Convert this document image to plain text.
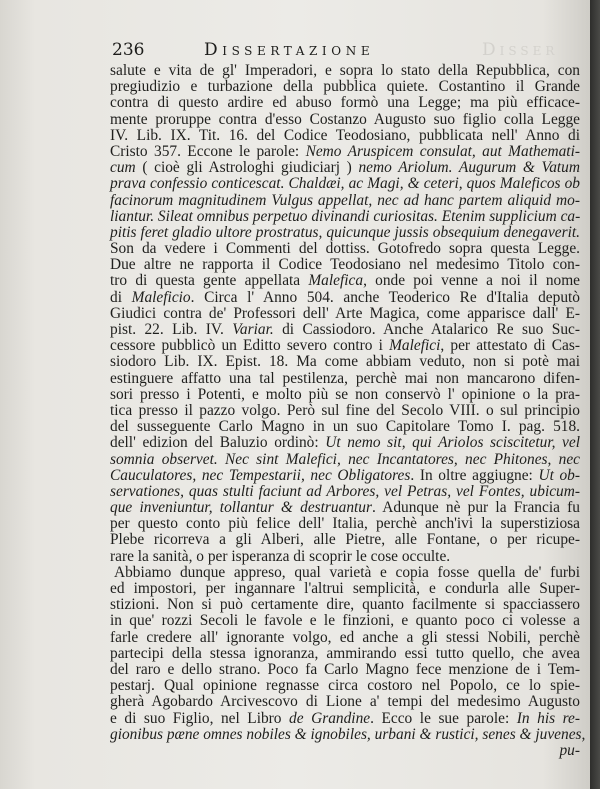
236	Dissertazione	Disser
salute e vita de gl' Imperadori, e sopra lo stato della Repubblica, con
pregiudizio e turbazione della pubblica quiete. Costantino il Grande
contra di questo ardire ed abuso formò una Legge; ma più efficace-
mente proruppe contra d'esso Costanzo Augusto suo figlio colla Legge
IV. Lib. IX. Tit. 16. del Codice Teodosiano, pubblicata nell' Anno di
Cristo 357. Eccone le parole: Nemo Aruspicem consulat, aut Mathemati-
cum ( cioè gli Astrologhi giudiciarj ) nemo Ariolum. Augurum & Vatum
prava confessio conticescat. Chaldæi, ac Magi, & ceteri, quos Maleficos ob
facinorum magnitudinem Vulgus appellat, nec ad hanc partem aliquid mo-
liantur. Sileat omnibus perpetuo divinandi curiositas. Etenim supplicium ca-
pitis feret gladio ultore prostratus, quicunque jussis obsequium denegaverit.
Son da vedere i Commenti del dottiss. Gotofredo sopra questa Legge.
Due altre ne rapporta il Codice Teodosiano nel medesimo Titolo con-
tro di questa gente appellata Malefica, onde poi venne a noi il nome
di Maleficio. Circa l' Anno 504. anche Teoderico Re d'Italia deputò
Giudici contra de' Professori dell' Arte Magica, come apparisce dall' E-
pist. 22. Lib. IV. Variar. di Cassiodoro. Anche Atalarico Re suo Suc-
cessore pubblicò un Editto severo contro i Malefici, per attestato di Cas-
siodoro Lib. IX. Epist. 18. Ma come abbiam veduto, non si potè mai
estinguere affatto una tal pestilenza, perchè mai non mancarono difen-
sori presso i Potenti, e molto più se non conservò l' opinione o la pra-
tica presso il pazzo volgo. Però sul fine del Secolo VIII. o sul principio
del susseguente Carlo Magno in un suo Capitolare Tomo I. pag. 518.
dell' edizion del Baluzio ordinò: Ut nemo sit, qui Ariolos sciscitetur, vel
somnia observet. Nec sint Malefici, nec Incantatores, nec Phitones, nec
Cauculatores, nec Tempestarii, nec Obligatores. In oltre aggiugne: Ut ob-
servationes, quas stulti faciunt ad Arbores, vel Petras, vel Fontes, ubicum-
que inveniuntur, tollantur & destruantur. Adunque nè pur la Francia fu
per questo conto più felice dell' Italia, perchè anch'ivi la superstiziosa
Plebe ricorreva a gli Alberi, alle Pietre, alle Fontane, o per ricupe-
rare la sanità, o per isperanza di scoprir le cose occulte.
Abbiamo dunque appreso, qual varietà e copia fosse quella de' furbi
ed impostori, per ingannare l'altrui semplicità, e condurla alle Super-
stizioni. Non si può certamente dire, quanto facilmente si spacciassero
in que' rozzi Secoli le favole e le finzioni, e quanto poco ci volesse a
farle credere all' ignorante volgo, ed anche a gli stessi Nobili, perchè
partecipi della stessa ignoranza, ammirando essi tutto quello, che avea
del raro e dello strano. Poco fa Carlo Magno fece menzione de i Tem-
pestarj. Qual opinione regnasse circa costoro nel Popolo, ce lo spie-
gherà Agobardo Arcivescovo di Lione a' tempi del medesimo Augusto
e di suo Figlio, nel Libro de Grandine. Ecco le sue parole: In his re-
gionibus pæne omnes nobiles & ignobiles, urbani & rustici, senes & juvenes,
pu-
